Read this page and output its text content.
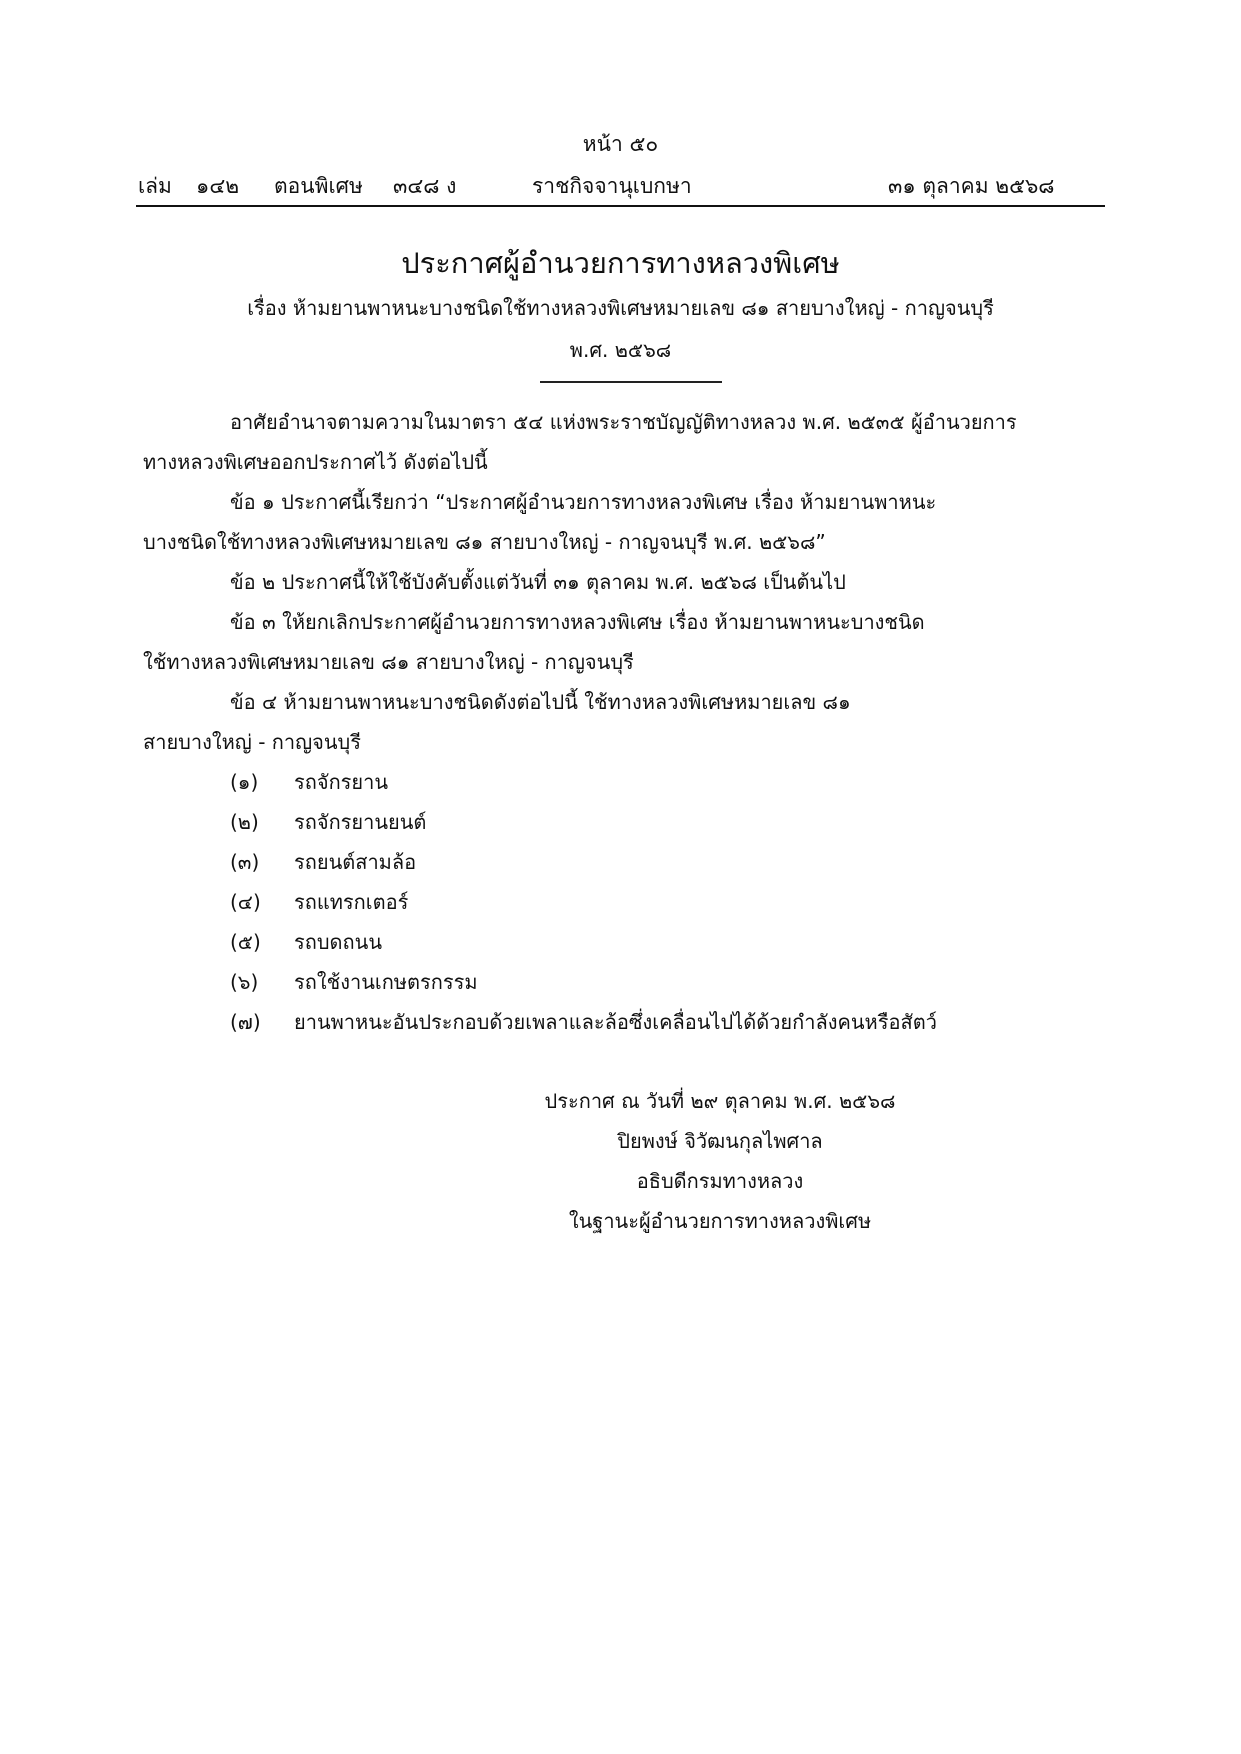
หน้า ๕๐
เล่ม ๑๔๒ ตอนพิเศษ ๓๔๘ ง	ราชกิจจานุเบกษา	๓๑ ตุลาคม ๒๕๖๘
ประกาศผู้อำนวยการทางหลวงพิเศษ
เรื่อง ห้ามยานพาหนะบางชนิดใช้ทางหลวงพิเศษหมายเลข ๘๑ สายบางใหญ่ - กาญจนบุรี
พ.ศ. ๒๕๖๘
อาศัยอำนาจตามความในมาตรา ๕๔ แห่งพระราชบัญญัติทางหลวง พ.ศ. ๒๕๓๕ ผู้อำนวยการ
ทางหลวงพิเศษออกประกาศไว้ ดังต่อไปนี้
ข้อ ๑ ประกาศนี้เรียกว่า “ประกาศผู้อำนวยการทางหลวงพิเศษ เรื่อง ห้ามยานพาหนะ
บางชนิดใช้ทางหลวงพิเศษหมายเลข ๘๑ สายบางใหญ่ - กาญจนบุรี พ.ศ. ๒๕๖๘”
ข้อ ๒ ประกาศนี้ให้ใช้บังคับตั้งแต่วันที่ ๓๑ ตุลาคม พ.ศ. ๒๕๖๘ เป็นต้นไป
ข้อ ๓ ให้ยกเลิกประกาศผู้อำนวยการทางหลวงพิเศษ เรื่อง ห้ามยานพาหนะบางชนิด
ใช้ทางหลวงพิเศษหมายเลข ๘๑ สายบางใหญ่ - กาญจนบุรี
ข้อ ๔ ห้ามยานพาหนะบางชนิดดังต่อไปนี้ ใช้ทางหลวงพิเศษหมายเลข ๘๑
สายบางใหญ่ - กาญจนบุรี
(๑) รถจักรยาน
(๒) รถจักรยานยนต์
(๓) รถยนต์สามล้อ
(๔) รถแทรกเตอร์
(๕) รถบดถนน
(๖) รถใช้งานเกษตรกรรม
(๗) ยานพาหนะอันประกอบด้วยเพลาและล้อซึ่งเคลื่อนไปได้ด้วยกำลังคนหรือสัตว์
ประกาศ ณ วันที่ ๒๙ ตุลาคม พ.ศ. ๒๕๖๘
ปิยพงษ์ จิวัฒนกุลไพศาล
อธิบดีกรมทางหลวง
ในฐานะผู้อำนวยการทางหลวงพิเศษ
